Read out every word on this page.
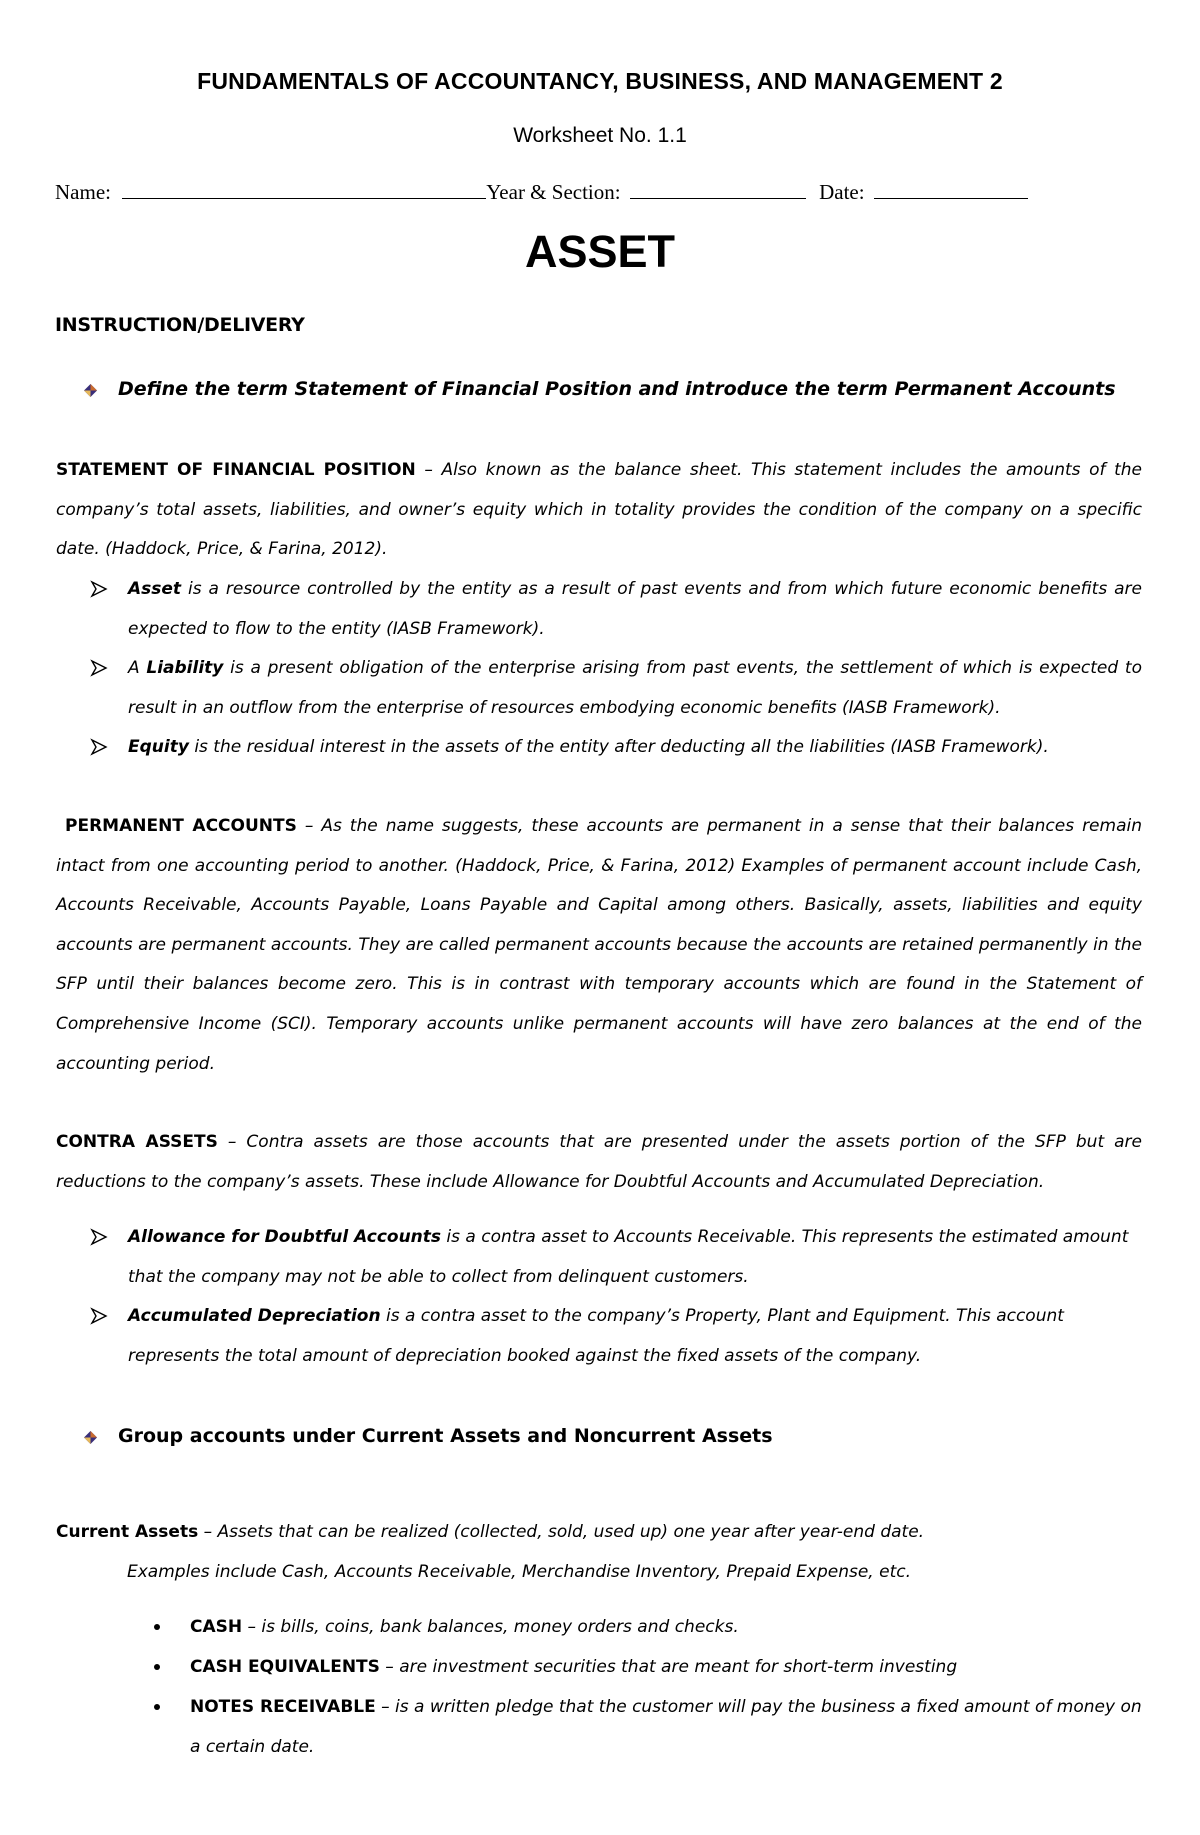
FUNDAMENTALS OF ACCOUNTANCY, BUSINESS, AND MANAGEMENT 2
Worksheet No. 1.1
Name:	Year & Section:	Date:
ASSET
INSTRUCTION/DELIVERY
Define the term Statement of Financial Position and introduce the term Permanent Accounts
STATEMENT OF FINANCIAL POSITION – Also known as the balance sheet. This statement includes the amounts of the company’s total assets, liabilities, and owner’s equity which in totality provides the condition of the company on a specific date. (Haddock, Price, & Farina, 2012).
Asset is a resource controlled by the entity as a result of past events and from which future economic benefits are expected to flow to the entity (IASB Framework).
A Liability is a present obligation of the enterprise arising from past events, the settlement of which is expected to result in an outflow from the enterprise of resources embodying economic benefits (IASB Framework).
Equity is the residual interest in the assets of the entity after deducting all the liabilities (IASB Framework).
PERMANENT ACCOUNTS – As the name suggests, these accounts are permanent in a sense that their balances remain intact from one accounting period to another. (Haddock, Price, & Farina, 2012) Examples of permanent account include Cash, Accounts Receivable, Accounts Payable, Loans Payable and Capital among others. Basically, assets, liabilities and equity accounts are permanent accounts. They are called permanent accounts because the accounts are retained permanently in the SFP until their balances become zero. This is in contrast with temporary accounts which are found in the Statement of Comprehensive Income (SCI). Temporary accounts unlike permanent accounts will have zero balances at the end of the accounting period.
CONTRA ASSETS – Contra assets are those accounts that are presented under the assets portion of the SFP but are reductions to the company’s assets. These include Allowance for Doubtful Accounts and Accumulated Depreciation.
Allowance for Doubtful Accounts is a contra asset to Accounts Receivable. This represents the estimated amount that the company may not be able to collect from delinquent customers.
Accumulated Depreciation is a contra asset to the company’s Property, Plant and Equipment. This account represents the total amount of depreciation booked against the fixed assets of the company.
Group accounts under Current Assets and Noncurrent Assets
Current Assets – Assets that can be realized (collected, sold, used up) one year after year-end date.
Examples include Cash, Accounts Receivable, Merchandise Inventory, Prepaid Expense, etc.
CASH – is bills, coins, bank balances, money orders and checks.
CASH EQUIVALENTS – are investment securities that are meant for short-term investing
NOTES RECEIVABLE – is a written pledge that the customer will pay the business a fixed amount of money on a certain date.
